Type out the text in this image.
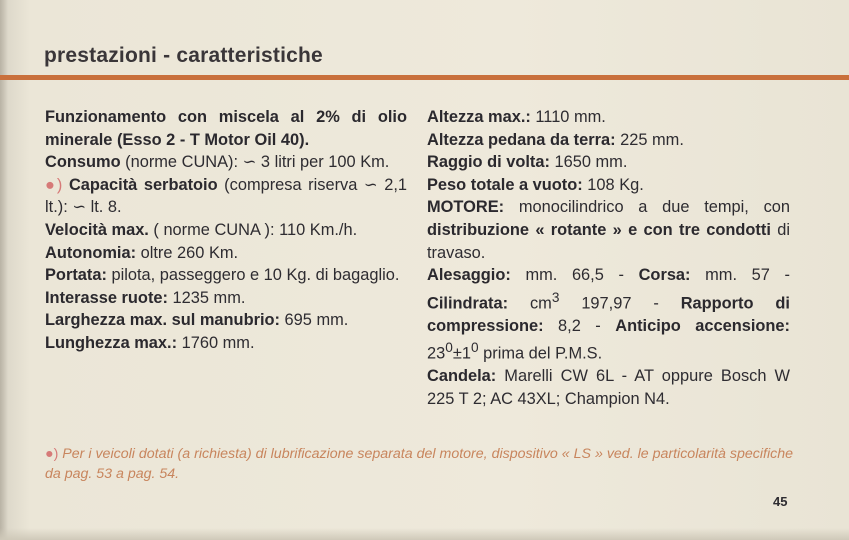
prestazioni - caratteristiche

Funzionamento con miscela al 2% di olio minerale (Esso 2 - T Motor Oil 40).

Consumo (norme CUNA): ∽ 3 litri per 100 Km.

●) Capacità serbatoio (compresa riserva ∽ 2,1 lt.): ∽ lt. 8.

Velocità max. ( norme CUNA ): 110 Km./h.

Autonomia: oltre 260 Km.

Portata: pilota, passeggero e 10 Kg. di bagaglio.

Interasse ruote: 1235 mm.

Larghezza max. sul manubrio: 695 mm.

Lunghezza max.: 1760 mm.

Altezza max.: 1110 mm.

Altezza pedana da terra: 225 mm.

Raggio di volta: 1650 mm.

Peso totale a vuoto: 108 Kg.

MOTORE: monocilindrico a due tempi, con distribuzione « rotante » e con tre condotti di travaso.

Alesaggio: mm. 66,5 - Corsa: mm. 57 - Cilindrata: $cm^3$ 197,97 - Rapporto di compressione: 8,2 - Anticipo accensione: $23^0\pm 1^0$ prima del P.M.S.

Candela: Marelli CW 6L - AT oppure Bosch W 225 T 2; AC 43XL; Champion N4.

●) Per i veicoli dotati (a richiesta) di lubrificazione separata del motore, dispositivo « LS » ved. le particolarità specifiche da pag. 53 a pag. 54.
45
